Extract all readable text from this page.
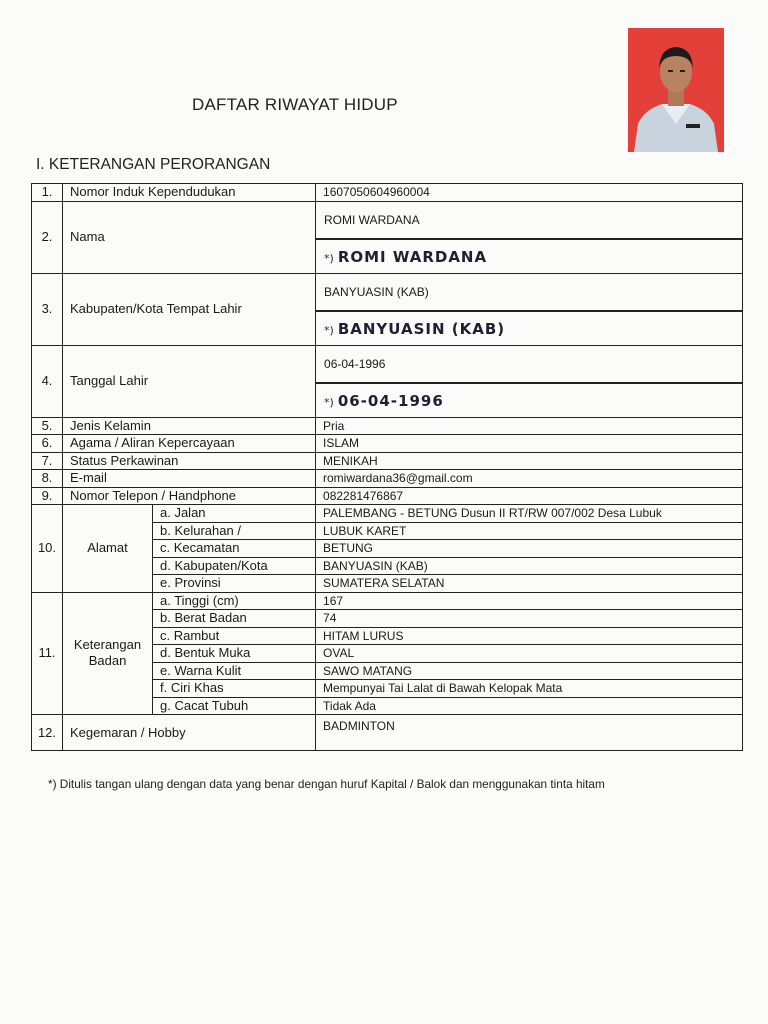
DAFTAR RIWAYAT HIDUP
I. KETERANGAN PERORANGAN
1.	Nomor Induk Kependudukan		1607050604960004
2.	Nama		ROMI WARDANA
*) ROMI WARDANA

3.	Kabupaten/Kota Tempat Lahir		BANYUASIN (KAB)
*) BANYUASIN (KAB)

4.	Tanggal Lahir		06-04-1996
*) 06-04-1996

5.	Jenis Kelamin		Pria
6.	Agama / Aliran Kepercayaan		ISLAM
7.	Status Perkawinan		MENIKAH
8.	E-mail		romiwardana36@gmail.com
9.	Nomor Telepon / Handphone		082281476867
10.	Alamat	a. Jalan	PALEMBANG - BETUNG Dusun II RT/RW 007/002 Desa Lubuk
		b. Kelurahan /	LUBUK KARET
		c. Kecamatan	BETUNG
		d. Kabupaten/Kota	BANYUASIN (KAB)
		e. Provinsi	SUMATERA SELATAN
11.	Keterangan Badan	a. Tinggi (cm)	167
		b. Berat Badan	74
		c. Rambut	HITAM LURUS
		d. Bentuk Muka	OVAL
		e. Warna Kulit	SAWO MATANG
		f. Ciri Khas	Mempunyai Tai Lalat di Bawah Kelopak Mata
		g. Cacat Tubuh	Tidak Ada
12.	Kegemaran / Hobby		BADMINTON
*) Ditulis tangan ulang dengan data yang benar dengan huruf Kapital / Balok dan menggunakan tinta hitam
